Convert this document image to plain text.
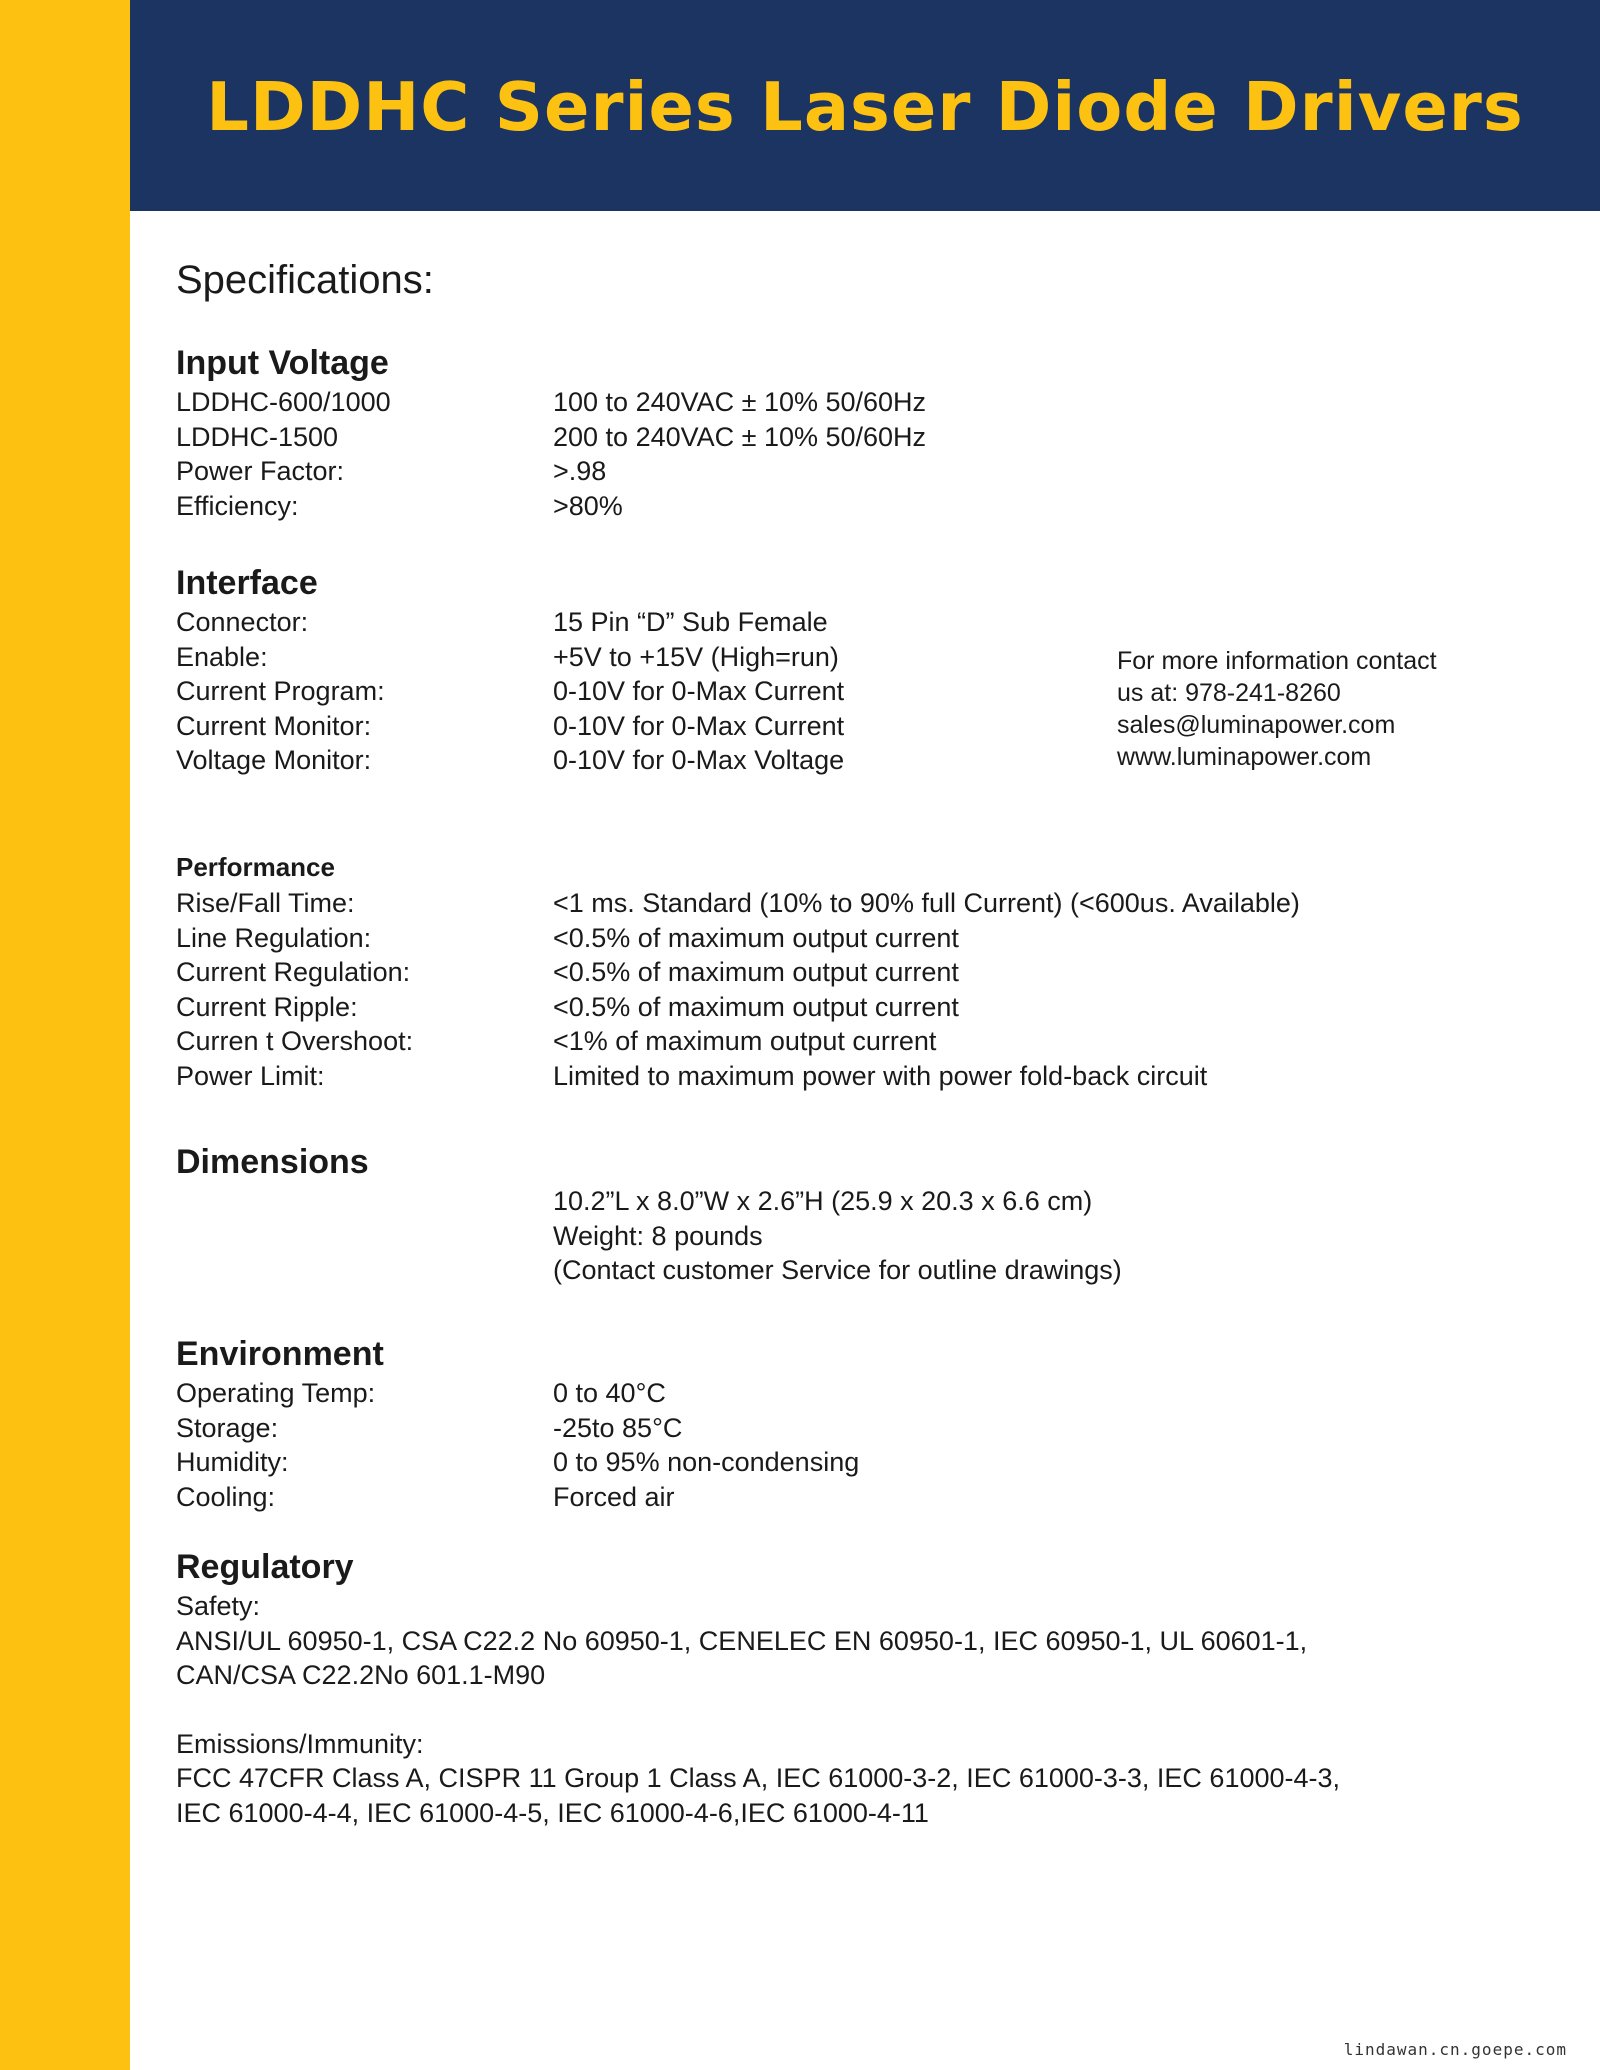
LDDHC Series Laser Diode Drivers
Specifications:
Input Voltage
LDDHC-600/1000	100 to 240VAC ± 10% 50/60Hz
LDDHC-1500	200 to 240VAC ± 10% 50/60Hz
Power Factor:	>.98
Efficiency:	>80%
Interface
Connector:	15 Pin “D” Sub Female
Enable:	+5V to +15V (High=run)
Current Program:	0-10V for 0-Max Current
Current Monitor:	0-10V for 0-Max Current
Voltage Monitor:	0-10V for 0-Max Voltage
For more information contact
us at: 978-241-8260
sales@luminapower.com
www.luminapower.com
Performance
Rise/Fall Time:	<1 ms. Standard (10% to 90% full Current) (<600us. Available)
Line Regulation:	<0.5% of maximum output current
Current Regulation:	<0.5% of maximum output current
Current Ripple:	<0.5% of maximum output current
Curren t Overshoot:	<1% of maximum output current
Power Limit:	Limited to maximum power with power fold-back circuit
Dimensions
10.2”L x 8.0”W x 2.6”H (25.9 x 20.3 x 6.6 cm)
Weight: 8 pounds
(Contact customer Service for outline drawings)
Environment
Operating Temp:	0 to 40°C
Storage:	-25to 85°C
Humidity:	0 to 95% non-condensing
Cooling:	Forced air
Regulatory
Safety:
ANSI/UL 60950-1, CSA C22.2 No 60950-1, CENELEC EN 60950-1, IEC 60950-1, UL 60601-1,
CAN/CSA C22.2No 601.1-M90
Emissions/Immunity:
FCC 47CFR Class A, CISPR 11 Group 1 Class A, IEC 61000-3-2, IEC 61000-3-3, IEC 61000-4-3,
IEC 61000-4-4, IEC 61000-4-5, IEC 61000-4-6,IEC 61000-4-11
lindawan.cn.goepe.com
